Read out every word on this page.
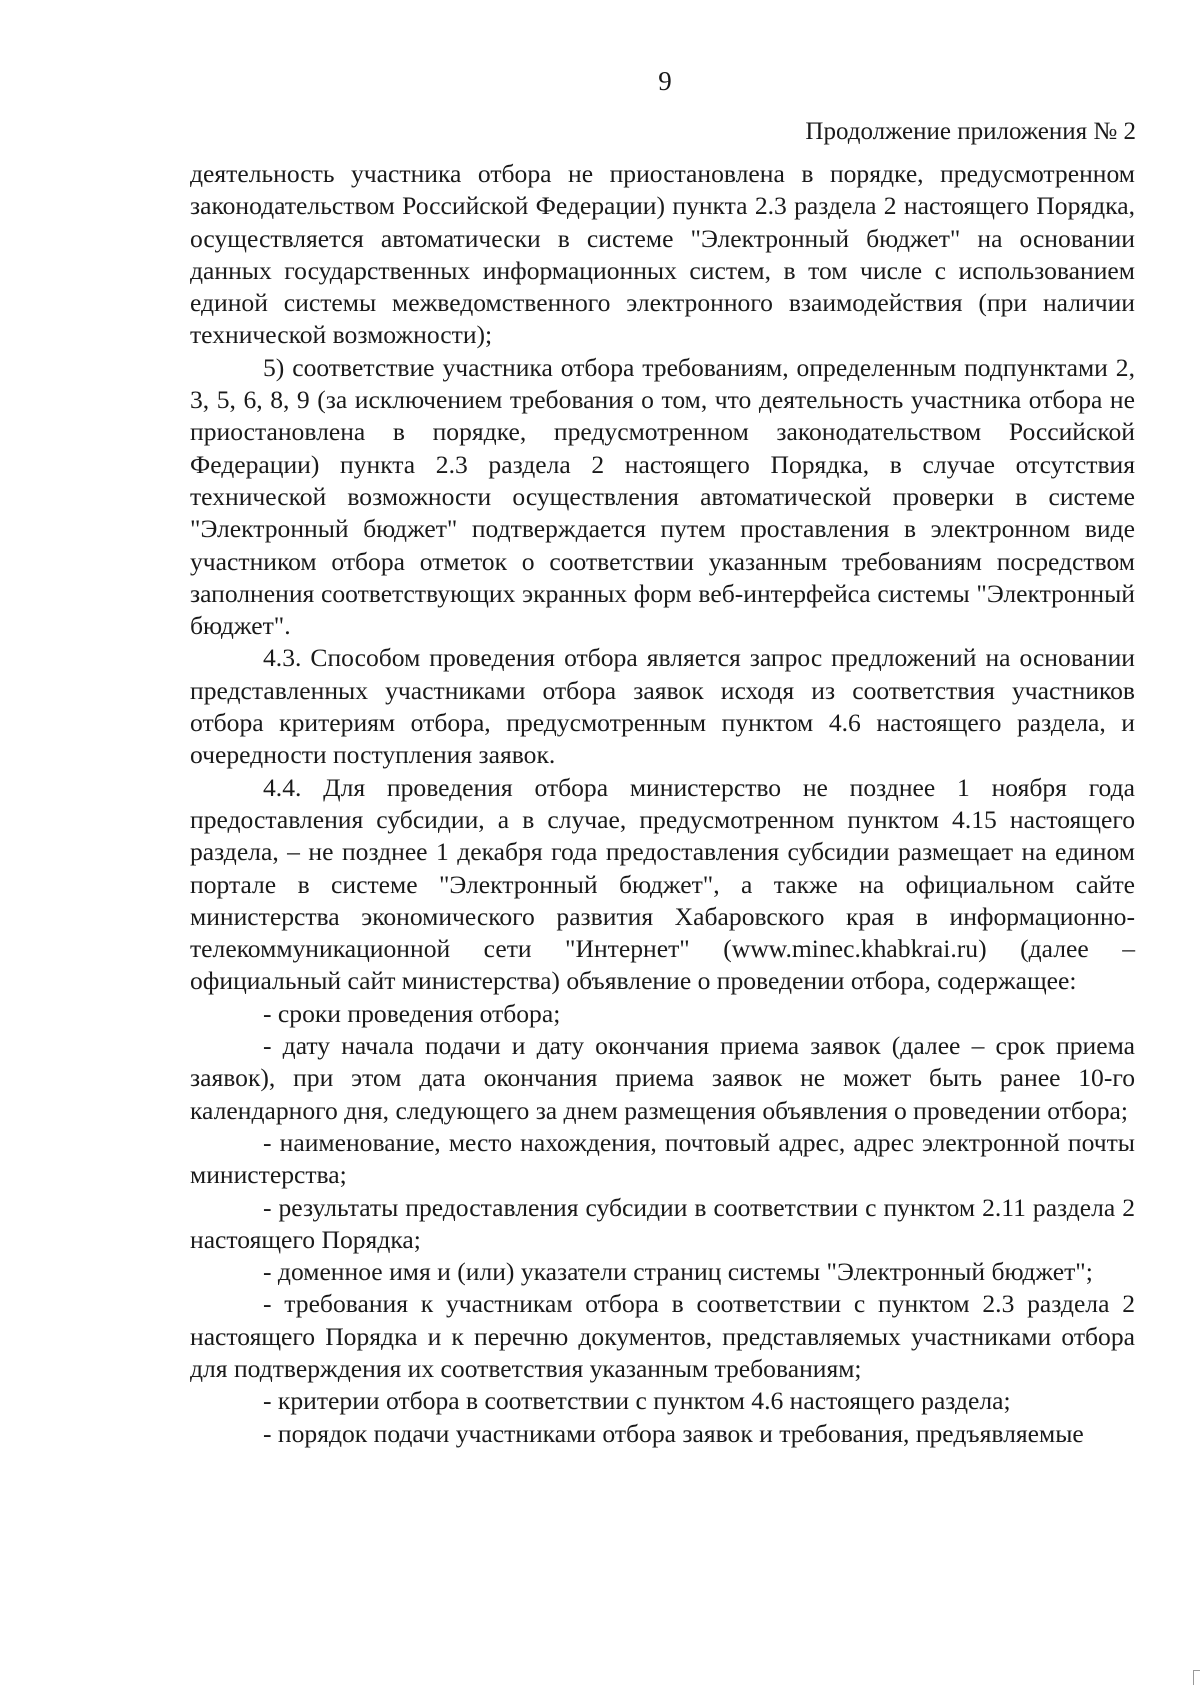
9
Продолжение приложения № 2

деятельность участника отбора не приостановлена в порядке, предусмотренном законодательством Российской Федерации) пункта 2.3 раздела 2 настоящего Порядка, осуществляется автоматически в системе "Электронный бюджет" на основании данных государственных информационных систем, в том числе с использованием единой системы межведомственного электронного взаимодействия (при наличии технической возможности);

5) соответствие участника отбора требованиям, определенным подпунктами 2, 3, 5, 6, 8, 9 (за исключением требования о том, что деятельность участника отбора не приостановлена в порядке, предусмотренном законодательством Российской Федерации) пункта 2.3 раздела 2 настоящего Порядка, в случае отсутствия технической возможности осуществления автоматической проверки в системе "Электронный бюджет" подтверждается путем проставления в электронном виде участником отбора отметок о соответствии указанным требованиям посредством заполнения соответствующих экранных форм веб-интерфейса системы "Электронный бюджет".

4.3. Способом проведения отбора является запрос предложений на основании представленных участниками отбора заявок исходя из соответствия участников отбора критериям отбора, предусмотренным пунктом 4.6 настоящего раздела, и очередности поступления заявок.

4.4. Для проведения отбора министерство не позднее 1 ноября года предоставления субсидии, а в случае, предусмотренном пунктом 4.15 настоящего раздела, – не позднее 1 декабря года предоставления субсидии размещает на едином портале в системе "Электронный бюджет", а также на официальном сайте министерства экономического развития Хабаровского края в информационно-телекоммуникационной сети "Интернет" (www.minec.khabkrai.ru) (далее – официальный сайт министерства) объявление о проведении отбора, содержащее:

- сроки проведения отбора;

- дату начала подачи и дату окончания приема заявок (далее – срок приема заявок), при этом дата окончания приема заявок не может быть ранее 10-го календарного дня, следующего за днем размещения объявления о проведении отбора;

- наименование, место нахождения, почтовый адрес, адрес электронной почты министерства;

- результаты предоставления субсидии в соответствии с пунктом 2.11 раздела 2 настоящего Порядка;

- доменное имя и (или) указатели страниц системы "Электронный бюджет";

- требования к участникам отбора в соответствии с пунктом 2.3 раздела 2 настоящего Порядка и к перечню документов, представляемых участниками отбора для подтверждения их соответствия указанным требованиям;

- критерии отбора в соответствии с пунктом 4.6 настоящего раздела;

- порядок подачи участниками отбора заявок и требования, предъявляемые
